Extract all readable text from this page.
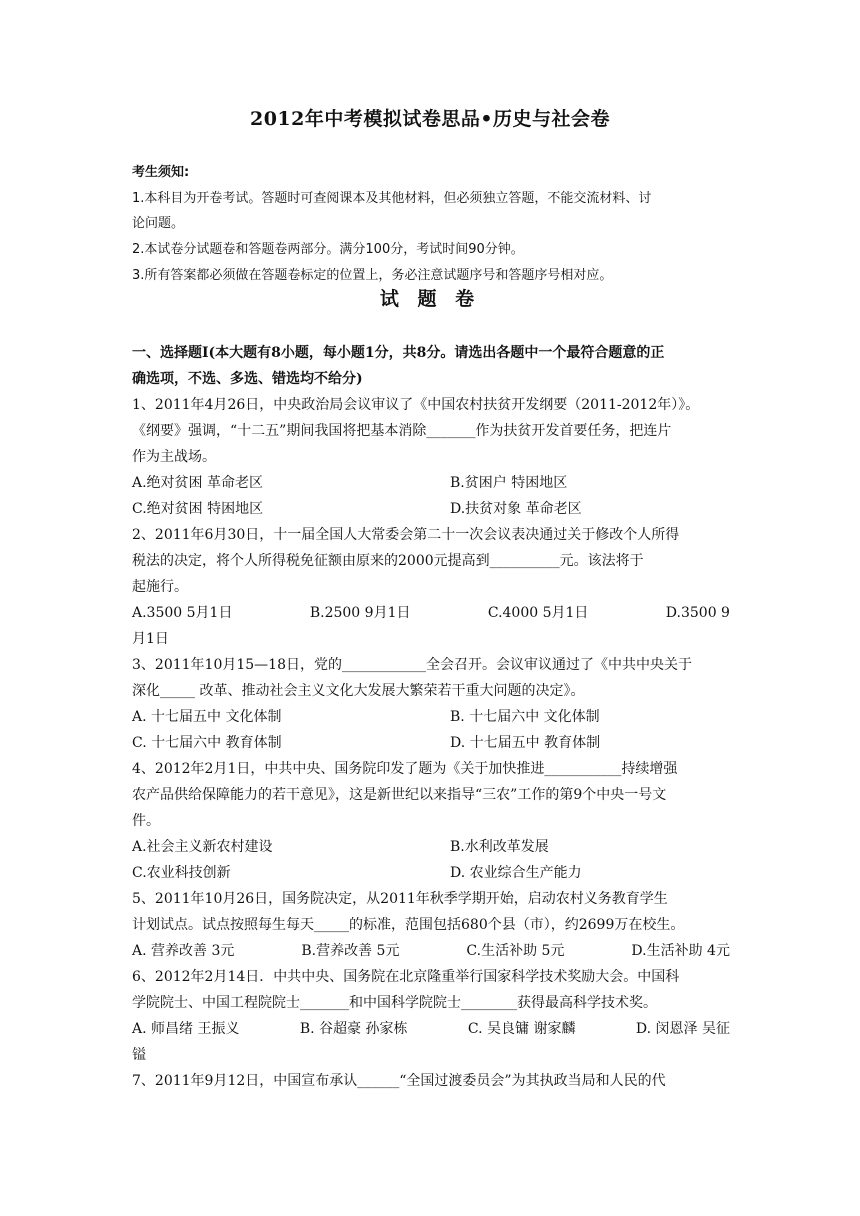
2012年中考模拟试卷思品•历史与社会卷
考生须知:
1.本科目为开卷考试。答题时可查阅课本及其他材料，但必须独立答题，不能交流材料、讨
论问题。
2.本试卷分试题卷和答题卷两部分。满分100分，考试时间90分钟。
3.所有答案都必须做在答题卷标定的位置上，务必注意试题序号和答题序号相对应。
试 题 卷
一、选择题Ⅰ(本大题有8小题，每小题1分，共8分。请选出各题中一个最符合题意的正
确选项，不选、多选、错选均不给分)
1、2011年4月26日，中央政治局会议审议了《中国农村扶贫开发纲要（2011-2012年）》。
《纲要》强调，“十二五”期间我国将把基本消除_______作为扶贫开发首要任务，把连片
作为主战场。
A.绝对贫困 革命老区	B.贫困户 特困地区
C.绝对贫困 特困地区	D.扶贫对象 革命老区
2、2011年6月30日，十一届全国人大常委会第二十一次会议表决通过关于修改个人所得
税法的决定，将个人所得税免征额由原来的2000元提高到__________元。该法将于
起施行。
A.3500 5月1日	B.2500 9月1日	C.4000 5月1日	D.3500 9
月1日
3、2011年10月15—18日，党的____________全会召开。会议审议通过了《中共中央关于
深化_____ 改革、推动社会主义文化大发展大繁荣若干重大问题的决定》。
A. 十七届五中 文化体制	B. 十七届六中 文化体制
C. 十七届六中 教育体制	D. 十七届五中 教育体制
4、2012年2月1日，中共中央、国务院印发了题为《关于加快推进___________持续增强
农产品供给保障能力的若干意见》，这是新世纪以来指导“三农”工作的第9个中央一号文
件。
A.社会主义新农村建设	B.水利改革发展
C.农业科技创新	D. 农业综合生产能力
5、2011年10月26日，国务院决定，从2011年秋季学期开始，启动农村义务教育学生
计划试点。试点按照每生每天_____的标准，范围包括680个县（市），约2699万在校生。
A. 营养改善 3元	B.营养改善 5元	C.生活补助 5元	D.生活补助 4元
6、2012年2月14日．中共中央、国务院在北京隆重举行国家科学技术奖励大会。中国科
学院院士、中国工程院院士_______和中国科学院院士________获得最高科学技术奖。
A. 师昌绪 王振义	B. 谷超豪 孙家栋	C. 吴良镛 谢家麟	D. 闵恩泽 吴征
镒
7、2011年9月12日，中国宣布承认______“全国过渡委员会”为其执政当局和人民的代
